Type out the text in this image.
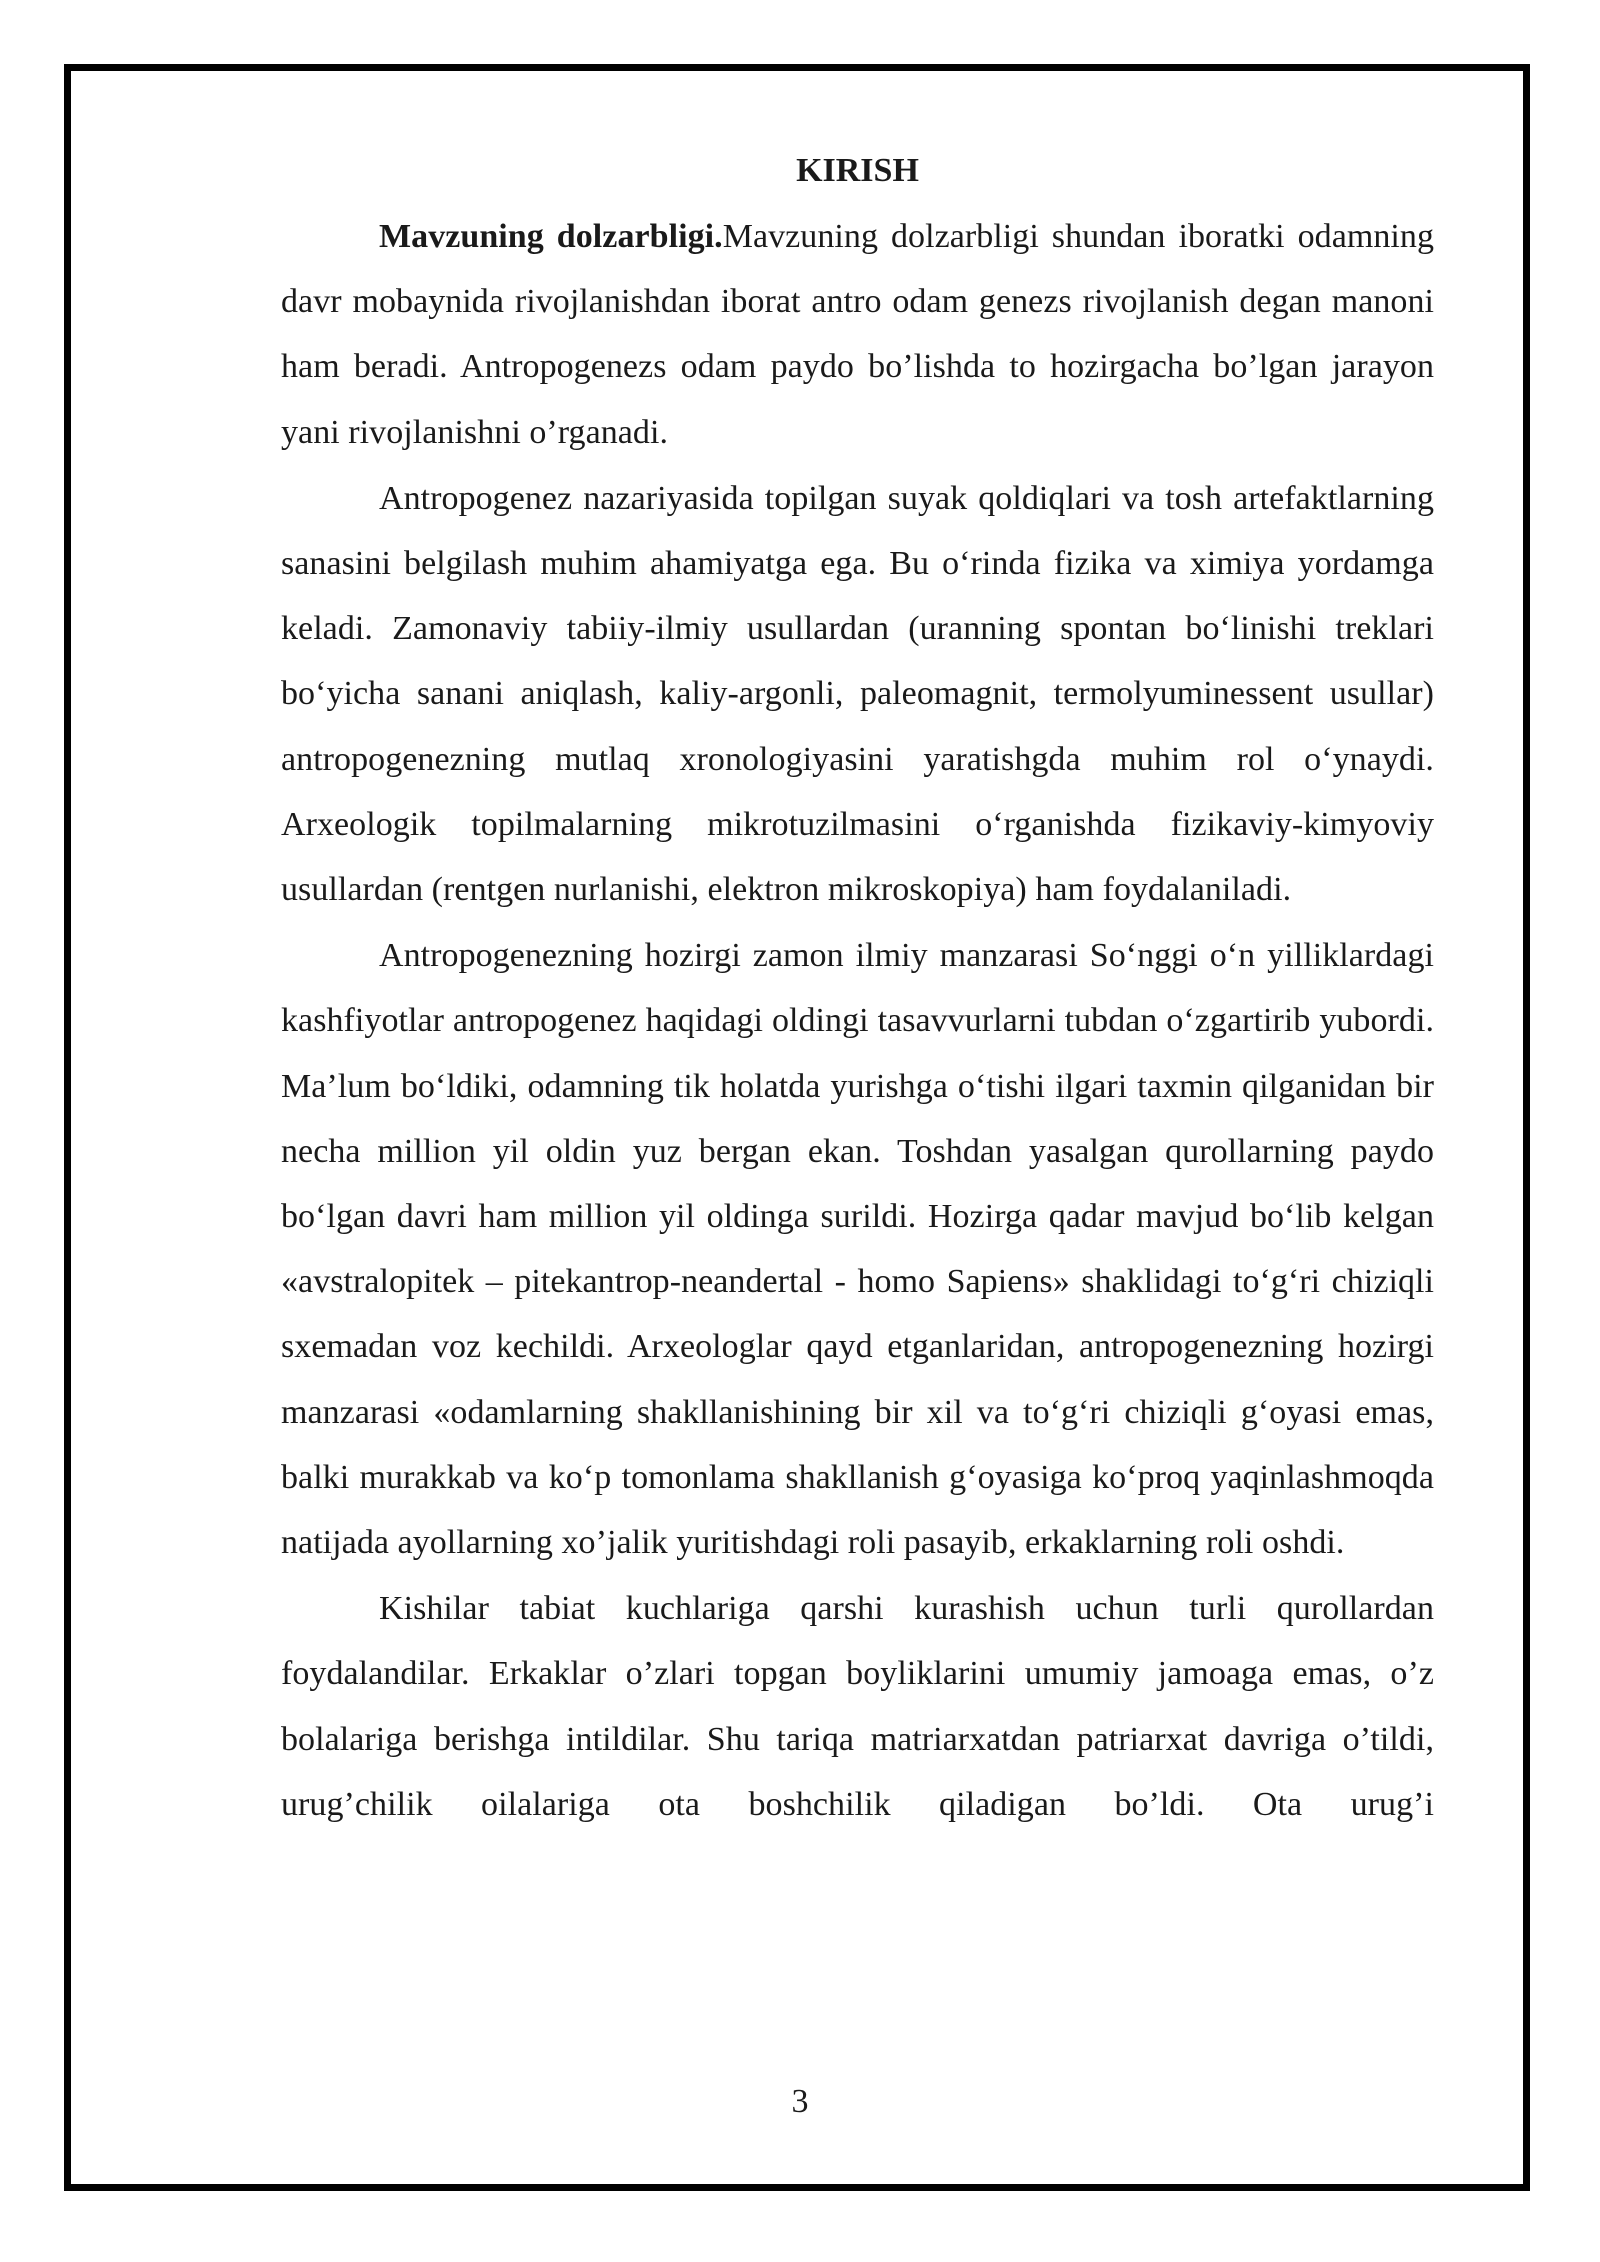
KIRISH

Mavzuning dolzarbligi.Mavzuning dolzarbligi shundan iboratki odamning davr mobaynida rivojlanishdan iborat antro odam genezs rivojlanish degan manoni ham beradi. Antropogenezs odam paydo bo’lishda to hozirgacha bo’lgan jarayon yani rivojlanishni o’rganadi.

Antropogenez nazariyasida topilgan suyak qoldiqlari va tosh artefaktlarning sanasini belgilash muhim ahamiyatga ega. Bu o‘rinda fizika va ximiya yordamga keladi. Zamonaviy tabiiy-ilmiy usullardan (uranning spontan bo‘linishi treklari bo‘yicha sanani aniqlash, kaliy-argonli, paleomagnit, termolyuminessent usullar) antropogenezning mutlaq xronologiyasini yaratishgda muhim rol o‘ynaydi. Arxeologik topilmalarning mikrotuzilmasini o‘rganishda fizikaviy-kimyoviy usullardan (rentgen nurlanishi, elektron mikroskopiya) ham foydalaniladi.

Antropogenezning hozirgi zamon ilmiy manzarasi So‘nggi o‘n yilliklardagi kashfiyotlar antropogenez haqidagi oldingi tasavvurlarni tubdan o‘zgartirib yubordi. Ma’lum bo‘ldiki, odamning tik holatda yurishga o‘tishi ilgari taxmin qilganidan bir necha million yil oldin yuz bergan ekan. Toshdan yasalgan qurollarning paydo bo‘lgan davri ham million yil oldinga surildi. Hozirga qadar mavjud bo‘lib kelgan «avstralopitek – pitekantrop-neandertal - homo Sapiens» shaklidagi to‘g‘ri chiziqli sxemadan voz kechildi. Arxeologlar qayd etganlaridan, antropogenezning hozirgi manzarasi «odamlarning shakllanishining bir xil va to‘g‘ri chiziqli g‘oyasi emas, balki murakkab va ko‘p tomonlama shakllanish g‘oyasiga ko‘proq yaqinlashmoqda natijada ayollarning xo’jalik yuritishdagi roli pasayib, erkaklarning roli oshdi.

Kishilar tabiat kuchlariga qarshi kurashish uchun turli qurollardan foydalandilar. Erkaklar o’zlari topgan boyliklarini umumiy jamoaga emas, o’z bolalariga berishga intildilar. Shu tariqa matriarxatdan patriarxat davriga o’tildi, urug’chilik oilalariga ota boshchilik qiladigan bo’ldi. Ota urug’i

3
